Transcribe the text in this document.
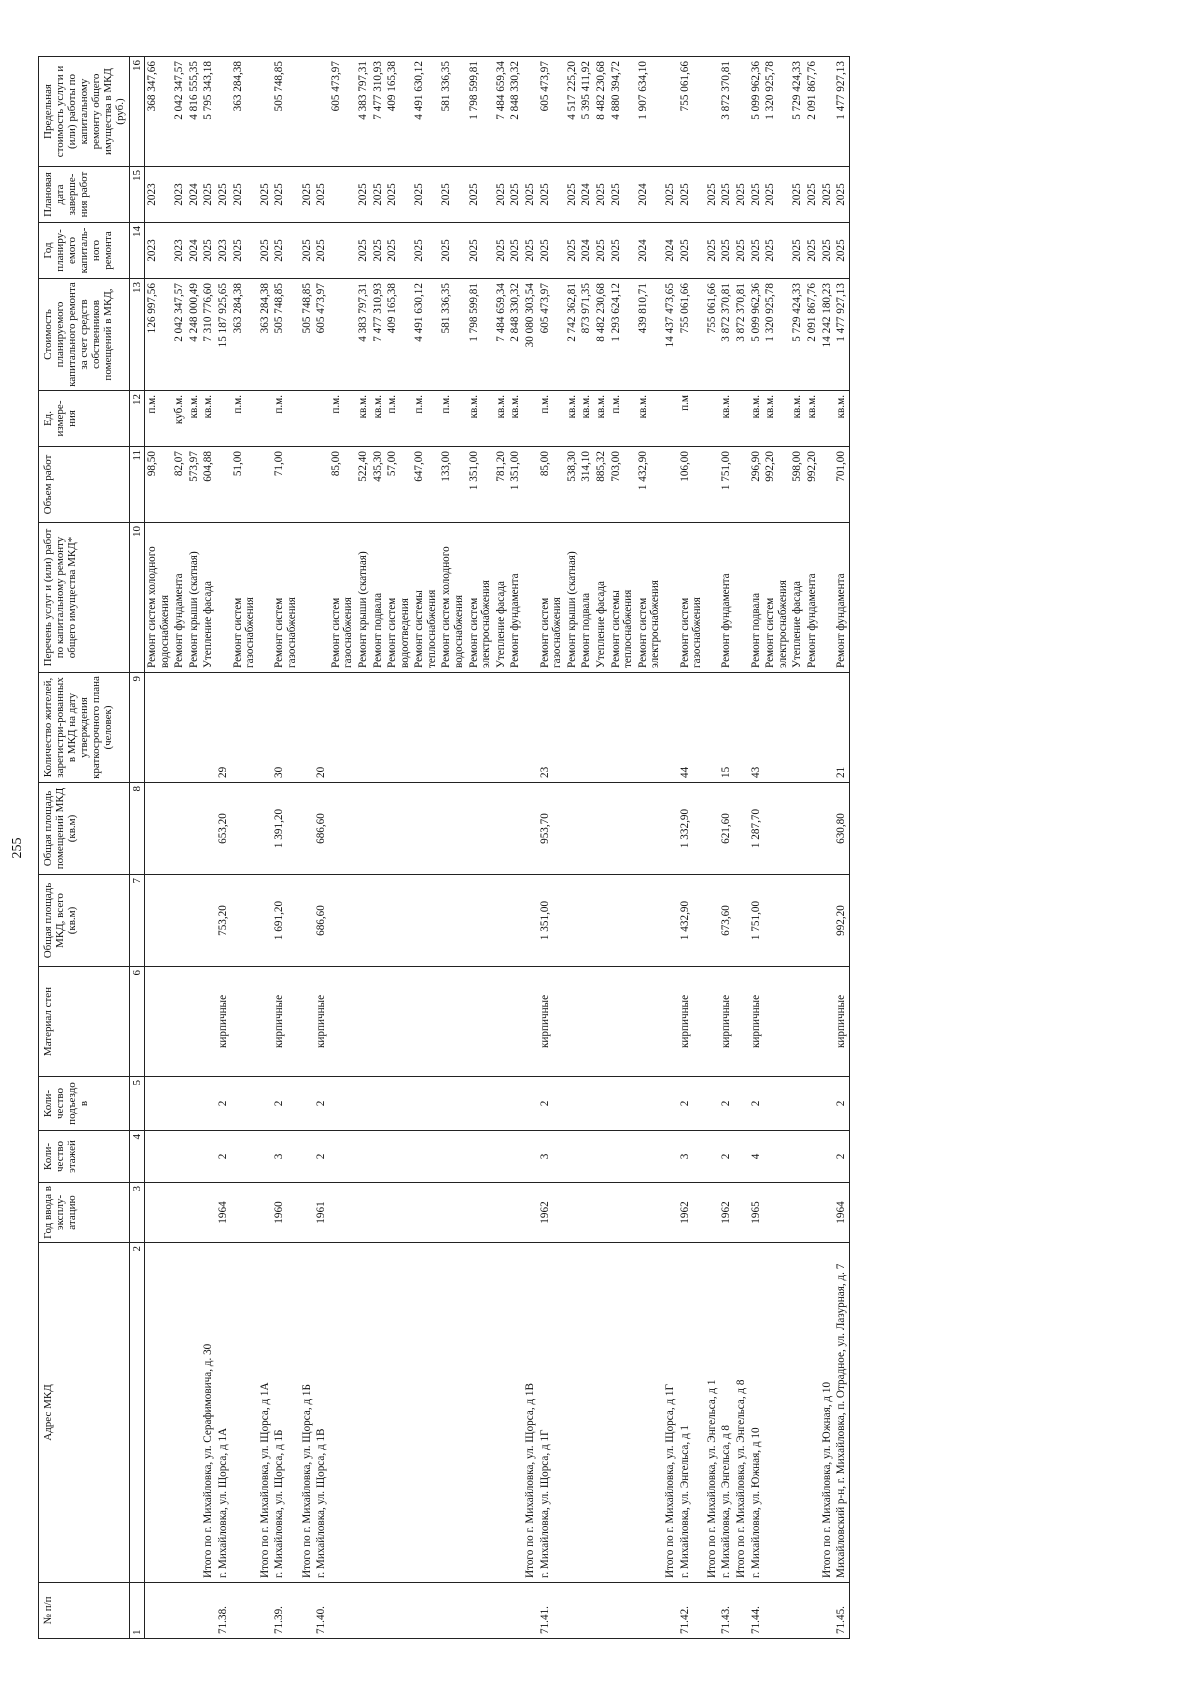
255
№ п/п	Адрес МКД	Год ввода в эксплу-атацию	Коли-чество этажей	Коли-чество подъездо в	Материал стен	Общая площадь МКД, всего (кв.м)	Общая площадь помещений МКД (кв.м)	Количество жителей, зарегистри-рованных в МКД на дату утверждения краткосрочного плана (человек)	Перечень услуг и (или) работ по капитальному ремонту общего имущества МКД*	Объем работ	Ед. измере-ния	Стоимость планируемого капитального ремонта за счет средств собственников помещений в МКД,	Год планиру-емого капиталь-ного ремонта	Плановая дата заверше-ния работ	Предельная стоимость услуги и (или) работы по капитальному ремонту общего имущества в МКД (руб.)
1	2	3	4	5	6	7	8	9	10	11	12	13	14	15	16
									Ремонт систем холодного водоснабжения	98,50	п.м.	126 997,56	2023	2023	368 347,66
									Ремонт фундамента	82,07	куб.м.	2 042 347,57	2023	2023	2 042 347,57
									Ремонт крыши (скатная)	573,97	кв.м.	4 248 000,49	2024	2024	4 816 555,35
	Итого по г. Михайловка, ул. Серафимовича, д. 30								Утепление фасада	604,88	кв.м.	7 310 776,60	2025	2025	5 795 343,18
71.38.	г. Михайловка, ул. Щорса, д 1А	1964	2	2	кирпичные	753,20	653,20	29				15 187 925,65	2023	2025	
									Ремонт систем газоснабжения	51,00	п.м.	363 284,38	2025	2025	363 284,38
	Итого по г. Михайловка, ул. Щорса, д 1А											363 284,38	2025	2025	
71.39.	г. Михайловка, ул. Щорса, д 1Б	1960	3	2	кирпичные	1 691,20	1 391,20	30	Ремонт систем газоснабжения	71,00	п.м.	505 748,85	2025	2025	505 748,85
	Итого по г. Михайловка, ул. Щорса, д 1Б											505 748,85	2025	2025	
71.40.	г. Михайловка, ул. Щорса, д 1В	1961	2	2	кирпичные	686,60	686,60	20				605 473,97	2025	2025	
									Ремонт систем газоснабжения	85,00	п.м.				605 473,97
									Ремонт крыши (скатная)	522,40	кв.м.	4 383 797,31	2025	2025	4 383 797,31
									Ремонт подвала	435,30	кв.м.	7 477 310,93	2025	2025	7 477 310,93
									Ремонт систем водоотведения	57,00	п.м.	409 165,38	2025	2025	409 165,38
									Ремонт системы теплоснабжения	647,00	п.м.	4 491 630,12	2025	2025	4 491 630,12
									Ремонт систем холодного водоснабжения	133,00	п.м.	581 336,35	2025	2025	581 336,35
									Ремонт систем электроснабжения	1 351,00	кв.м.	1 798 599,81	2025	2025	1 798 599,81
									Утепление фасада	781,20	кв.м.	7 484 659,34	2025	2025	7 484 659,34
									Ремонт фундамента	1 351,00	кв.м.	2 848 330,32	2025	2025	2 848 330,32
	Итого по г. Михайловка, ул. Щорса, д 1В											30 080 303,54	2025	2025	
71.41.	г. Михайловка, ул. Щорса, д 1Г	1962	3	2	кирпичные	1 351,00	953,70	23	Ремонт систем газоснабжения	85,00	п.м.	605 473,97	2025	2025	605 473,97
									Ремонт крыши (скатная)	538,30	кв.м.	2 742 362,81	2025	2025	4 517 225,20
									Ремонт подвала	314,10	кв.м.	873 971,35	2024	2024	5 395 411,92
									Утепление фасада	885,32	кв.м.	8 482 230,68	2025	2025	8 482 230,68
									Ремонт системы теплоснабжения	703,00	п.м.	1 293 624,12	2025	2025	4 880 394,72
									Ремонт систем электроснабжения	1 432,90	кв.м.	439 810,71	2024	2024	1 907 634,10
	Итого по г. Михайловка, ул. Щорса, д 1Г											14 437 473,65	2024	2025	
71.42.	г. Михайловка, ул. Энгельса, д 1	1962	3	2	кирпичные	1 432,90	1 332,90	44	Ремонт систем газоснабжения	106,00	п.м	755 061,66	2025	2025	755 061,66
	Итого по г. Михайловка, ул. Энгельса, д 1											755 061,66	2025	2025	
71.43.	г. Михайловка, ул. Энгельса, д 8	1962	2	2	кирпичные	673,60	621,60	15	Ремонт фундамента	1 751,00	кв.м.	3 872 370,81	2025	2025	3 872 370,81
	Итого по г. Михайловка, ул. Энгельса, д 8											3 872 370,81	2025	2025	
71.44.	г. Михайловка, ул. Южная, д 10	1965	4	2	кирпичные	1 751,00	1 287,70	43	Ремонт подвала	296,90	кв.м.	5 099 962,36	2025	2025	5 099 962,36
									Ремонт систем электроснабжения	992,20	кв.м.	1 320 925,78	2025	2025	1 320 925,78
									Утепление фасада	598,00	кв.м.	5 729 424,33	2025	2025	5 729 424,33
									Ремонт фундамента	992,20	кв.м.	2 091 867,76	2025	2025	2 091 867,76
	Итого по г. Михайловка, ул. Южная, д 10											14 242 180,23	2025	2025	
71.45.	Михайловский р-н, г. Михайловка, п. Отрадное, ул. Лазурная, д. 7	1964	2	2	кирпичные	992,20	630,80	21	Ремонт фундамента	701,00	кв.м.	1 477 927,13	2025	2025	1 477 927,13
